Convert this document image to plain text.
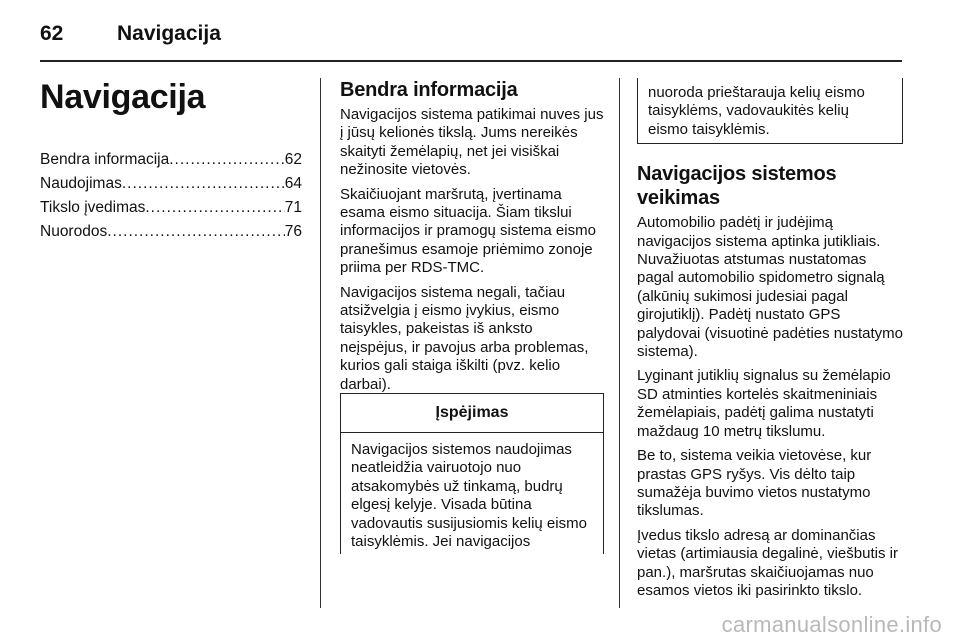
62	Navigacija
Navigacija
Bendra informacija .....	62
Naudojimas .....	64
Tikslo įvedimas .....	71
Nuorodos .....	76
Bendra informacija

Navigacijos sistema patikimai nuves jus į jūsų kelionės tikslą. Jums nereikės skaityti žemėlapių, net jei visiškai nežinosite vietovės.

Skaičiuojant maršrutą, įvertinama esama eismo situacija. Šiam tikslui informacijos ir pramogų sistema eismo pranešimus esamoje priėmimo zonoje priima per RDS-TMC.

Navigacijos sistema negali, tačiau atsižvelgia į eismo įvykius, eismo taisykles, pakeistas iš anksto neįspėjus, ir pavojus arba problemas, kurios gali staiga iškilti (pvz. kelio darbai).

Įspėjimas
Navigacijos sistemos naudojimas neatleidžia vairuotojo nuo atsakomybės už tinkamą, budrų elgesį kelyje. Visada būtina vadovautis susijusiomis kelių eismo taisyklėmis. Jei navigacijos
nuoroda prieštarauja kelių eismo taisyklėms, vadovaukitės kelių eismo taisyklėmis.
Navigacijos sistemos veikimas

Automobilio padėtį ir judėjimą navigacijos sistema aptinka jutikliais. Nuvažiuotas atstumas nustatomas pagal automobilio spidometro signalą (alkūnių sukimosi judesiai pagal girojutiklį). Padėtį nustato GPS palydovai (visuotinė padėties nustatymo sistema).

Lyginant jutiklių signalus su žemėlapio SD atminties kortelės skaitmeniniais žemėlapiais, padėtį galima nustatyti maždaug 10 metrų tikslumu.

Be to, sistema veikia vietovėse, kur prastas GPS ryšys. Vis dėlto taip sumažėja buvimo vietos nustatymo tikslumas.

Įvedus tikslo adresą ar dominančias vietas (artimiausia degalinė, viešbutis ir pan.), maršrutas skaičiuojamas nuo esamos vietos iki pasirinkto tikslo.

carmanualsonline.info
